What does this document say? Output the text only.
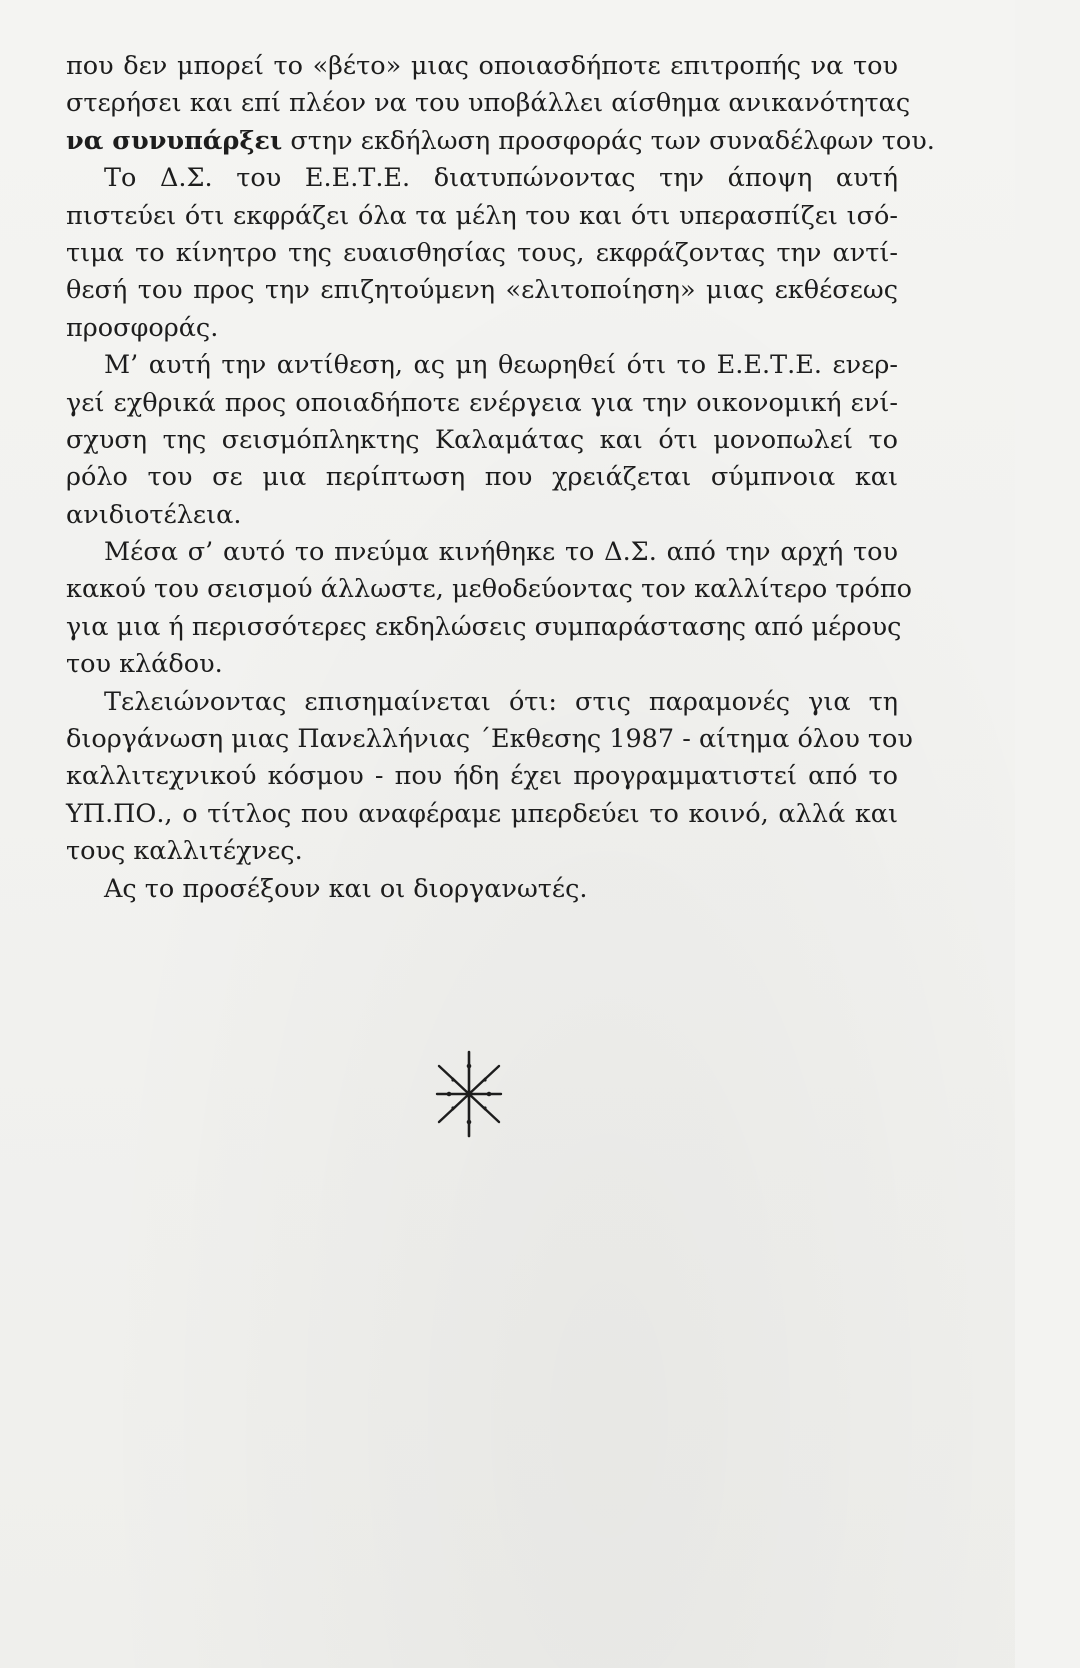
που δεν μπορεί το «βέτο» μιας οποιασδήποτε επιτροπής να του
στερήσει και επί πλέον να του υποβάλλει αίσθημα ανικανότητας
να συνυπάρξει στην εκδήλωση προσφοράς των συναδέλφων του.
Το Δ.Σ. του Ε.Ε.Τ.Ε. διατυπώνοντας την άποψη αυτή
πιστεύει ότι εκφράζει όλα τα μέλη του και ότι υπερασπίζει ισό-
τιμα το κίνητρο της ευαισθησίας τους, εκφράζοντας την αντί-
θεσή του προς την επιζητούμενη «ελιτοποίηση» μιας εκθέσεως
προσφοράς.
Μ’ αυτή την αντίθεση, ας μη θεωρηθεί ότι το Ε.Ε.Τ.Ε. ενερ-
γεί εχθρικά προς οποιαδήποτε ενέργεια για την οικονομική ενί-
σχυση της σεισμόπληκτης Καλαμάτας και ότι μονοπωλεί το
ρόλο του σε μια περίπτωση που χρειάζεται σύμπνοια και
ανιδιοτέλεια.
Μέσα σ’ αυτό το πνεύμα κινήθηκε το Δ.Σ. από την αρχή του
κακού του σεισμού άλλωστε, μεθοδεύοντας τον καλλίτερο τρόπο
για μια ή περισσότερες εκδηλώσεις συμπαράστασης από μέρους
του κλάδου.
Τελειώνοντας επισημαίνεται ότι: στις παραμονές για τη
διοργάνωση μιας Πανελλήνιας ΄Εκθεσης 1987 - αίτημα όλου του
καλλιτεχνικού κόσμου - που ήδη έχει προγραμματιστεί από το
ΥΠ.ΠΟ., ο τίτλος που αναφέραμε μπερδεύει το κοινό, αλλά και
τους καλλιτέχνες.
Ας το προσέξουν και οι διοργανωτές.
